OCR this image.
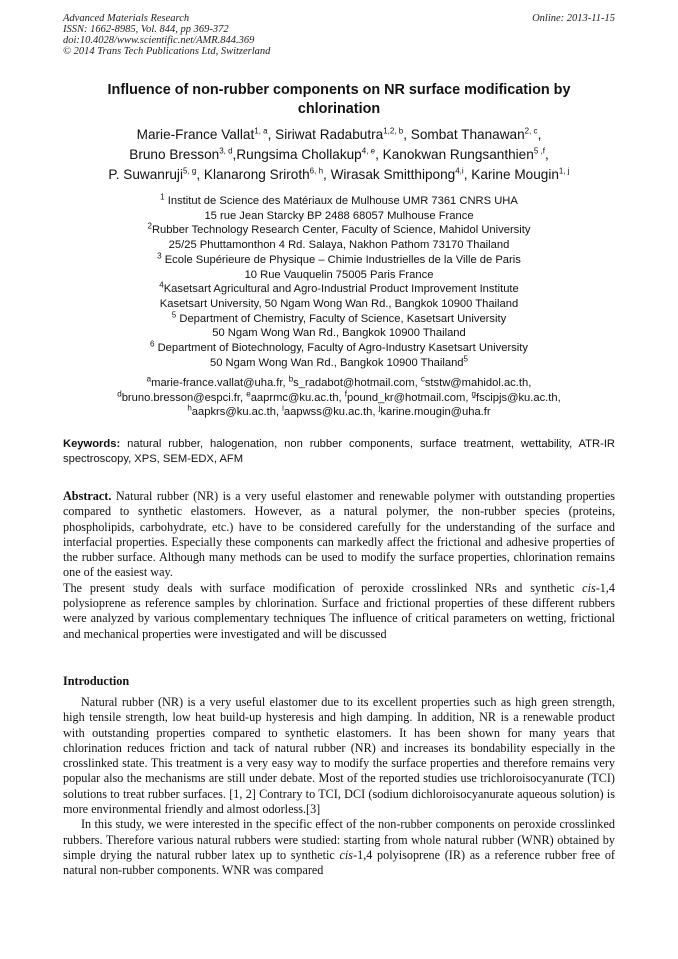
Advanced Materials Research
ISSN: 1662-8985, Vol. 844, pp 369-372
doi:10.4028/www.scientific.net/AMR.844.369
© 2014 Trans Tech Publications Ltd, Switzerland
Online: 2013-11-15
Influence of non-rubber components on NR surface modification by
chlorination
Marie-France Vallat$^{1, a}$, Siriwat Radabutra$^{1,2, b}$, Sombat Thanawan$^{2, c}$,
Bruno Bresson$^{3, d}$,Rungsima Chollakup$^{4, e}$, Kanokwan Rungsanthien$^{5 ,f}$,
P. Suwanruji$^{5, g}$, Klanarong Sriroth$^{6, h}$, Wirasak Smitthipong$^{4,i}$, Karine Mougin$^{1, j}$
$^1$ Institut de Science des Matériaux de Mulhouse UMR 7361 CNRS UHA
15 rue Jean Starcky BP 2488 68057 Mulhouse France
$^2$Rubber Technology Research Center, Faculty of Science, Mahidol University
25/25 Phuttamonthon 4 Rd. Salaya, Nakhon Pathom 73170 Thailand
$^3$ Ecole Supérieure de Physique – Chimie Industrielles de la Ville de Paris
10 Rue Vauquelin 75005 Paris France
$^4$Kasetsart Agricultural and Agro-Industrial Product Improvement Institute
Kasetsart University, 50 Ngam Wong Wan Rd., Bangkok 10900 Thailand
$^5$ Department of Chemistry, Faculty of Science, Kasetsart University
50 Ngam Wong Wan Rd., Bangkok 10900 Thailand
$^6$ Department of Biotechnology, Faculty of Agro-Industry Kasetsart University
50 Ngam Wong Wan Rd., Bangkok 10900 Thailand$^5$
$^a$marie-france.vallat@uha.fr, $^b$s_radabot@hotmail.com, $^c$ststw@mahidol.ac.th,
$^d$bruno.bresson@espci.fr, $^e$aaprmc@ku.ac.th, $^f$pound_kr@hotmail.com, $^g$fscipjs@ku.ac.th,
$^h$aapkrs@ku.ac.th, $^i$aapwss@ku.ac.th, $^j$karine.mougin@uha.fr
Keywords: natural rubber, halogenation, non rubber components, surface treatment, wettability, ATR-IR spectroscopy, XPS, SEM-EDX, AFM

Abstract. Natural rubber (NR) is a very useful elastomer and renewable polymer with outstanding properties compared to synthetic elastomers. However, as a natural polymer, the non-rubber species (proteins, phospholipids, carbohydrate, etc.) have to be considered carefully for the understanding of the surface and interfacial properties. Especially these components can markedly affect the frictional and adhesive properties of the rubber surface. Although many methods can be used to modify the surface properties, chlorination remains one of the easiest way.

The present study deals with surface modification of peroxide crosslinked NRs and synthetic cis-1,4 polysioprene as reference samples by chlorination. Surface and frictional properties of these different rubbers were analyzed by various complementary techniques The influence of critical parameters on wetting, frictional and mechanical properties were investigated and will be discussed

Introduction

Natural rubber (NR) is a very useful elastomer due to its excellent properties such as high green strength, high tensile strength, low heat build-up hysteresis and high damping. In addition, NR is a renewable product with outstanding properties compared to synthetic elastomers. It has been shown for many years that chlorination reduces friction and tack of natural rubber (NR) and increases its bondability especially in the crosslinked state. This treatment is a very easy way to modify the surface properties and therefore remains very popular also the mechanisms are still under debate. Most of the reported studies use trichloroisocyanurate (TCI) solutions to treat rubber surfaces. [1, 2] Contrary to TCI, DCI (sodium dichloroisocyanurate aqueous solution) is more environmental friendly and almost odorless.[3]

In this study, we were interested in the specific effect of the non-rubber components on peroxide crosslinked rubbers. Therefore various natural rubbers were studied: starting from whole natural rubber (WNR) obtained by simple drying the natural rubber latex up to synthetic cis-1,4 polyisoprene (IR) as a reference rubber free of natural non-rubber components. WNR was compared
